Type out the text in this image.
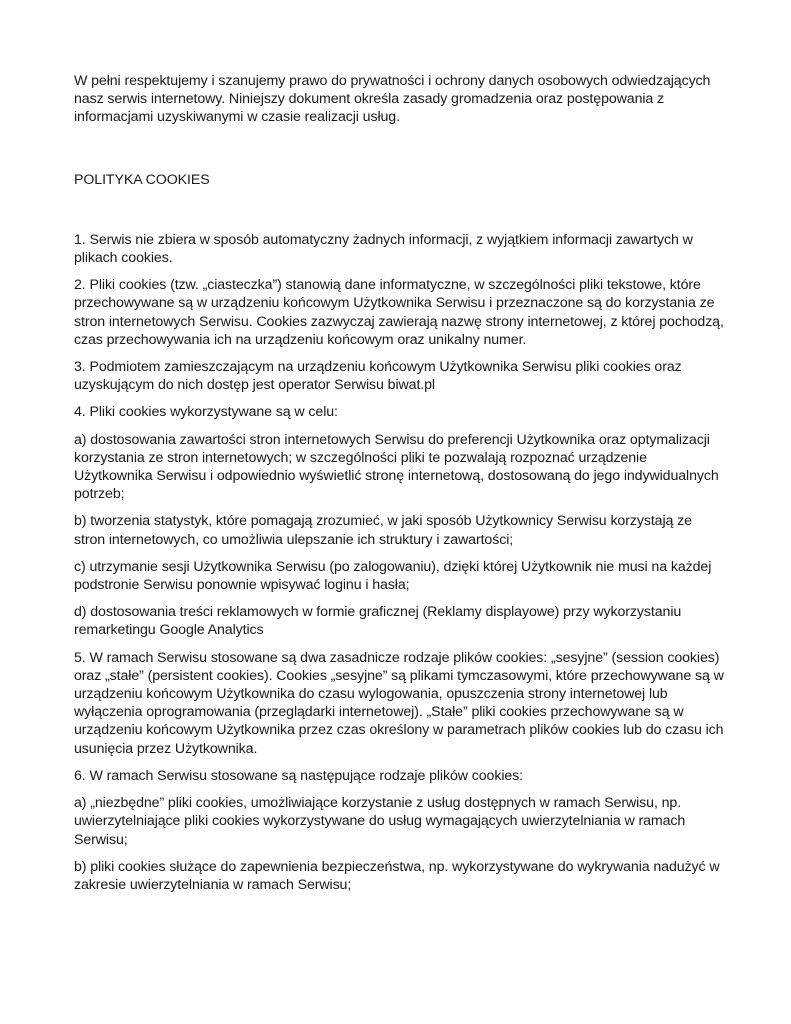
W pełni respektujemy i szanujemy prawo do prywatności i ochrony danych osobowych odwiedzających nasz serwis internetowy. Niniejszy dokument określa zasady gromadzenia oraz postępowania z informacjami uzyskiwanymi w czasie realizacji usług.

POLITYKA COOKIES

1. Serwis nie zbiera w sposób automatyczny żadnych informacji, z wyjątkiem informacji zawartych w plikach cookies.

2. Pliki cookies (tzw. „ciasteczka”) stanowią dane informatyczne, w szczególności pliki tekstowe, które przechowywane są w urządzeniu końcowym Użytkownika Serwisu i przeznaczone są do korzystania ze stron internetowych Serwisu. Cookies zazwyczaj zawierają nazwę strony internetowej, z której pochodzą, czas przechowywania ich na urządzeniu końcowym oraz unikalny numer.

3. Podmiotem zamieszczającym na urządzeniu końcowym Użytkownika Serwisu pliki cookies oraz uzyskującym do nich dostęp jest operator Serwisu biwat.pl

4. Pliki cookies wykorzystywane są w celu:

a) dostosowania zawartości stron internetowych Serwisu do preferencji Użytkownika oraz optymalizacji korzystania ze stron internetowych; w szczególności pliki te pozwalają rozpoznać urządzenie Użytkownika Serwisu i odpowiednio wyświetlić stronę internetową, dostosowaną do jego indywidualnych potrzeb;

b) tworzenia statystyk, które pomagają zrozumieć, w jaki sposób Użytkownicy Serwisu korzystają ze stron internetowych, co umożliwia ulepszanie ich struktury i zawartości;

c) utrzymanie sesji Użytkownika Serwisu (po zalogowaniu), dzięki której Użytkownik nie musi na każdej podstronie Serwisu ponownie wpisywać loginu i hasła;

d) dostosowania treści reklamowych w formie graficznej (Reklamy displayowe) przy wykorzystaniu remarketingu Google Analytics

5. W ramach Serwisu stosowane są dwa zasadnicze rodzaje plików cookies: „sesyjne” (session cookies) oraz „stałe” (persistent cookies). Cookies „sesyjne” są plikami tymczasowymi, które przechowywane są w urządzeniu końcowym Użytkownika do czasu wylogowania, opuszczenia strony internetowej lub wyłączenia oprogramowania (przeglądarki internetowej). „Stałe” pliki cookies przechowywane są w urządzeniu końcowym Użytkownika przez czas określony w parametrach plików cookies lub do czasu ich usunięcia przez Użytkownika.

6. W ramach Serwisu stosowane są następujące rodzaje plików cookies:

a) „niezbędne” pliki cookies, umożliwiające korzystanie z usług dostępnych w ramach Serwisu, np. uwierzytelniające pliki cookies wykorzystywane do usług wymagających uwierzytelniania w ramach Serwisu;

b) pliki cookies służące do zapewnienia bezpieczeństwa, np. wykorzystywane do wykrywania nadużyć w zakresie uwierzytelniania w ramach Serwisu;
